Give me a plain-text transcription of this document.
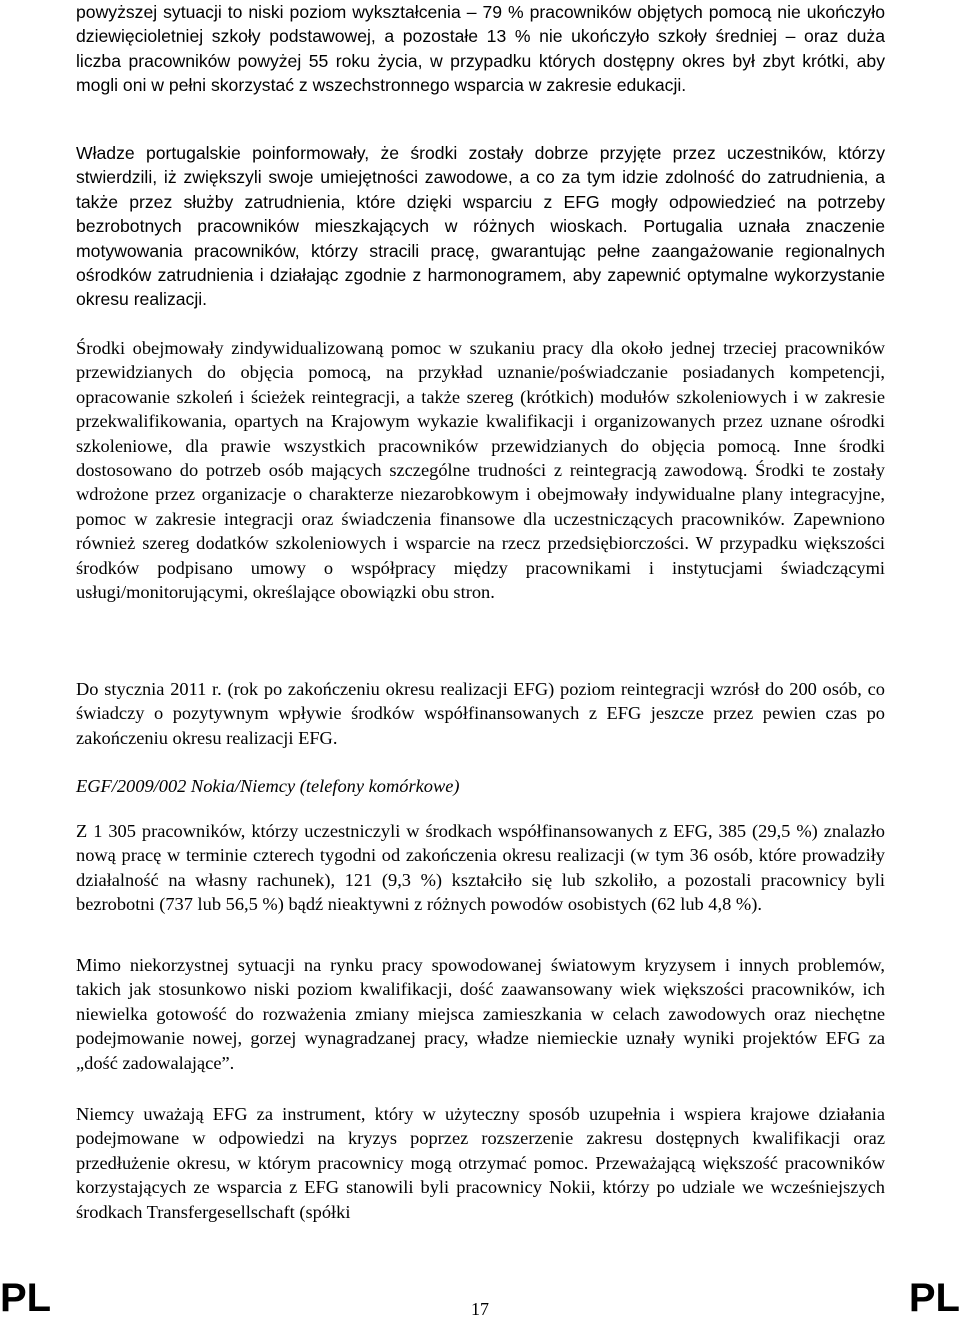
powyższej sytuacji to niski poziom wykształcenia – 79 % pracowników objętych pomocą nie ukończyło dziewięcioletniej szkoły podstawowej, a pozostałe 13 % nie ukończyło szkoły średniej – oraz duża liczba pracowników powyżej 55 roku życia, w przypadku których dostępny okres był zbyt krótki, aby mogli oni w pełni skorzystać z wszechstronnego wsparcia w zakresie edukacji.

Władze portugalskie poinformowały, że środki zostały dobrze przyjęte przez uczestników, którzy stwierdzili, iż zwiększyli swoje umiejętności zawodowe, a co za tym idzie zdolność do zatrudnienia, a także przez służby zatrudnienia, które dzięki wsparciu z EFG mogły odpowiedzieć na potrzeby bezrobotnych pracowników mieszkających w różnych wioskach. Portugalia uznała znaczenie motywowania pracowników, którzy stracili pracę, gwarantując pełne zaangażowanie regionalnych ośrodków zatrudnienia i działając zgodnie z harmonogramem, aby zapewnić optymalne wykorzystanie okresu realizacji.

Środki obejmowały zindywidualizowaną pomoc w szukaniu pracy dla około jednej trzeciej pracowników przewidzianych do objęcia pomocą, na przykład uznanie/poświadczanie posiadanych kompetencji, opracowanie szkoleń i ścieżek reintegracji, a także szereg (krótkich) modułów szkoleniowych i w zakresie przekwalifikowania, opartych na Krajowym wykazie kwalifikacji i organizowanych przez uznane ośrodki szkoleniowe, dla prawie wszystkich pracowników przewidzianych do objęcia pomocą. Inne środki dostosowano do potrzeb osób mających szczególne trudności z reintegracją zawodową. Środki te zostały wdrożone przez organizacje o charakterze niezarobkowym i obejmowały indywidualne plany integracyjne, pomoc w zakresie integracji oraz świadczenia finansowe dla uczestniczących pracowników. Zapewniono również szereg dodatków szkoleniowych i wsparcie na rzecz przedsiębiorczości. W przypadku większości środków podpisano umowy o współpracy między pracownikami i instytucjami świadczącymi usługi/monitorującymi, określające obowiązki obu stron.

Do stycznia 2011 r. (rok po zakończeniu okresu realizacji EFG) poziom reintegracji wzrósł do 200 osób, co świadczy o pozytywnym wpływie środków współfinansowanych z EFG jeszcze przez pewien czas po zakończeniu okresu realizacji EFG.

EGF/2009/002 Nokia/Niemcy (telefony komórkowe)

Z 1 305 pracowników, którzy uczestniczyli w środkach współfinansowanych z EFG, 385 (29,5 %) znalazło nową pracę w terminie czterech tygodni od zakończenia okresu realizacji (w tym 36 osób, które prowadziły działalność na własny rachunek), 121 (9,3 %) kształciło się lub szkoliło, a pozostali pracownicy byli bezrobotni (737 lub 56,5 %) bądź nieaktywni z różnych powodów osobistych (62 lub 4,8 %).

Mimo niekorzystnej sytuacji na rynku pracy spowodowanej światowym kryzysem i innych problemów, takich jak stosunkowo niski poziom kwalifikacji, dość zaawansowany wiek większości pracowników, ich niewielka gotowość do rozważenia zmiany miejsca zamieszkania w celach zawodowych oraz niechętne podejmowanie nowej, gorzej wynagradzanej pracy, władze niemieckie uznały wyniki projektów EFG za „dość zadowalające”.

Niemcy uważają EFG za instrument, który w użyteczny sposób uzupełnia i wspiera krajowe działania podejmowane w odpowiedzi na kryzys poprzez rozszerzenie zakresu dostępnych kwalifikacji oraz przedłużenie okresu, w którym pracownicy mogą otrzymać pomoc. Przeważającą większość pracowników korzystających ze wsparcia z EFG stanowili byli pracownicy Nokii, którzy po udziale we wcześniejszych środkach Transfergesellschaft (spółki

PL	17	PL
